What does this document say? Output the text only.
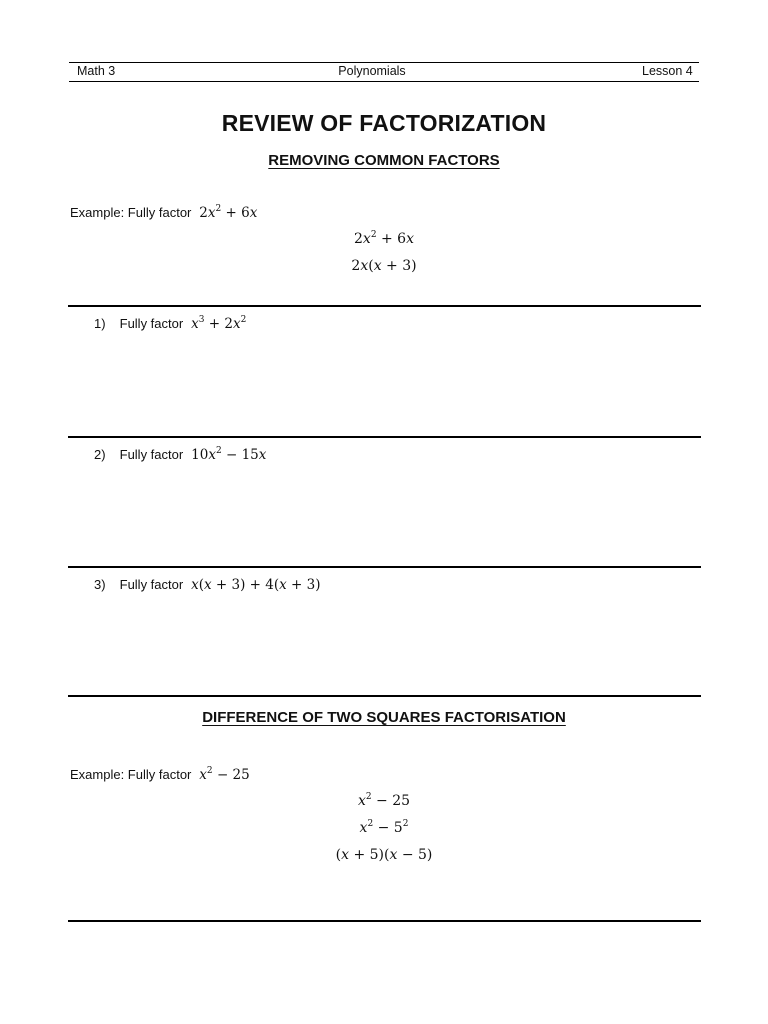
Math 3	Polynomials	Lesson 4
REVIEW OF FACTORIZATION
REMOVING COMMON FACTORS
Example: Fully factor $2x^2 + 6x$
$2x^2 + 6x$
2x(x + 3)
1) Fully factor  $x^3 + 2x^2$
2) Fully factor $10x^2 - 15x$
3) Fully factor  x(x + 3) + 4(x + 3)
DIFFERENCE OF TWO SQUARES FACTORISATION
Example: Fully factor  $x^2 - 25$
$x^2 - 25$
$x^2 - 5^2$
(x + 5)(x − 5)
